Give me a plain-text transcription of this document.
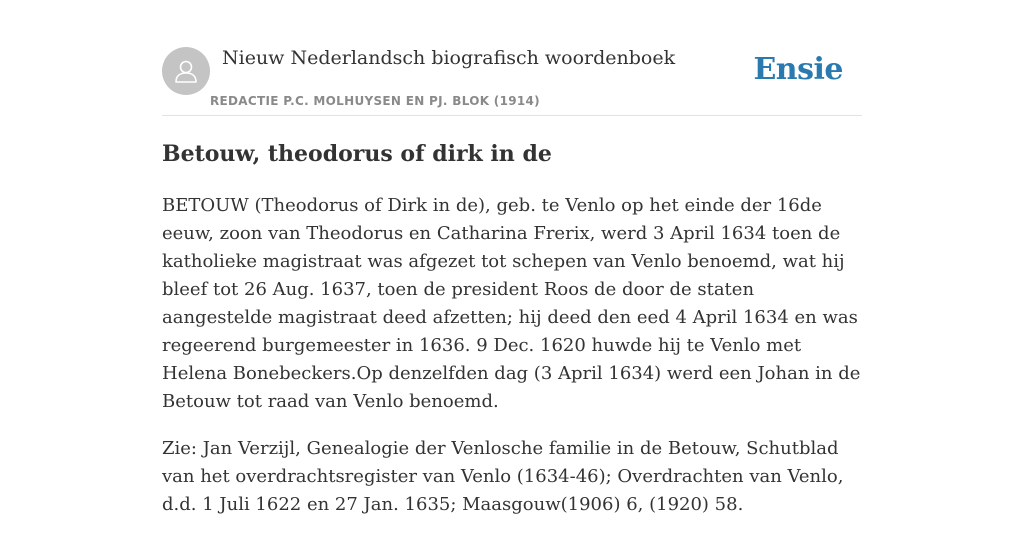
Nieuw Nederlandsch biografisch woordenboek
REDACTIE P.C. MOLHUYSEN EN PJ. BLOK (1914)
Ensie
Betouw, theodorus of dirk in de

BETOUW (Theodorus of Dirk in de), geb. te Venlo op het einde der 16de eeuw, zoon van Theodorus en Catharina Frerix, werd 3 April 1634 toen de katholieke magistraat was afgezet tot schepen van Venlo benoemd, wat hij bleef tot 26 Aug. 1637, toen de president Roos de door de staten aangestelde magistraat deed afzetten; hij deed den eed 4 April 1634 en was regeerend burgemeester in 1636. 9 Dec. 1620 huwde hij te Venlo met Helena Bonebeckers.Op denzelfden dag (3 April 1634) werd een Johan in de Betouw tot raad van Venlo benoemd.

Zie: Jan Verzijl, Genealogie der Venlosche familie in de Betouw, Schutblad van het overdrachtsregister van Venlo (1634-46); Overdrachten van Venlo, d.d. 1 Juli 1622 en 27 Jan. 1635; Maasgouw(1906) 6, (1920) 58.
